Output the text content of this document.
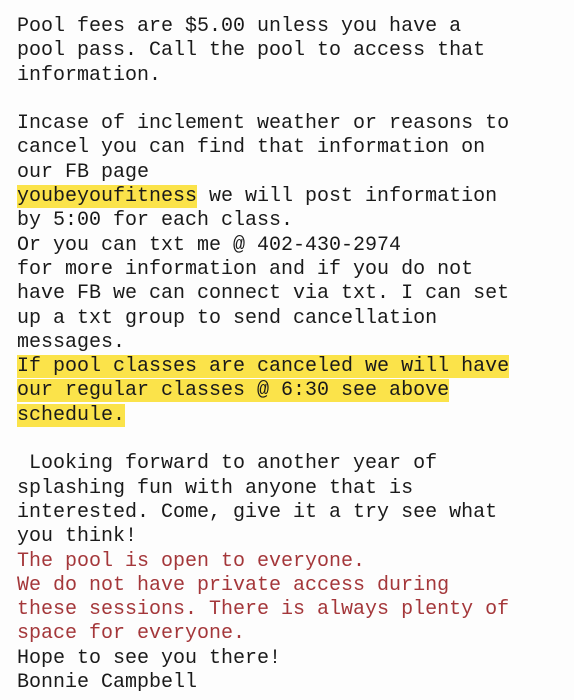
Pool fees are $5.00 unless you have a
pool pass. Call the pool to access that
information.
Incase of inclement weather or reasons to
cancel you can find that information on
our FB page
youbeyoufitness we will post information
by 5:00 for each class.
Or you can txt me @ 402-430-2974
for more information and if you do not
have FB we can connect via txt. I can set
up a txt group to send cancellation
messages.
If pool classes are canceled we will have
our regular classes @ 6:30 see above
schedule.
Looking forward to another year of
splashing fun with anyone that is
interested. Come, give it a try see what
you think!
The pool is open to everyone.
We do not have private access during
these sessions. There is always plenty of
space for everyone.
Hope to see you there!
Bonnie Campbell
